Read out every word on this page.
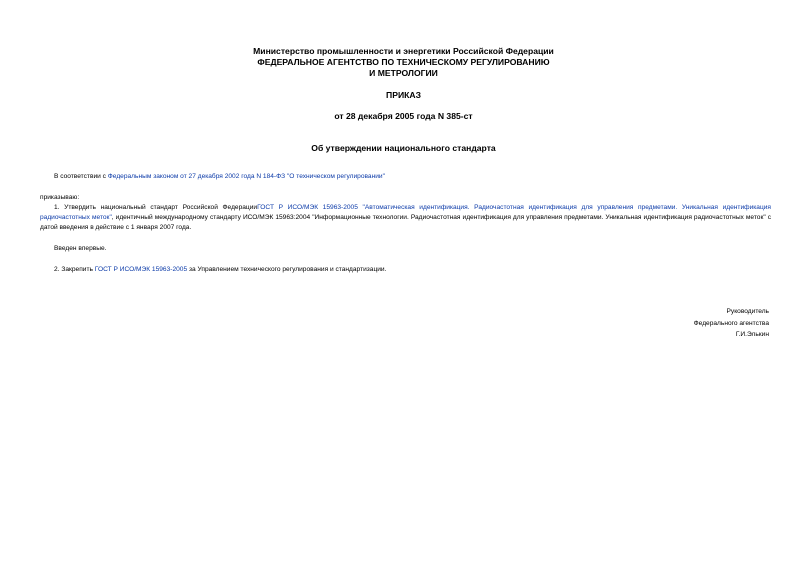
Министерство промышленности и энергетики Российской Федерации
ФЕДЕРАЛЬНОЕ АГЕНТСТВО ПО ТЕХНИЧЕСКОМУ РЕГУЛИРОВАНИЮ
И МЕТРОЛОГИИ
ПРИКАЗ
от 28 декабря 2005 года N 385-ст
Об утверждении национального стандарта
В соответствии с Федеральным законом от 27 декабря 2002 года N 184-ФЗ "О техническом регулировании"
приказываю:
1. Утвердить национальный стандарт Российской ФедерацииГОСТ Р ИСО/МЭК 15963-2005 "Автоматическая идентификация. Радиочастотная идентификация для управления предметами. Уникальная идентификация радиочастотных меток", идентичный международному стандарту ИСО/МЭК 15963:2004 "Информационные технологии. Радиочастотная идентификация для управления предметами. Уникальная идентификация радиочастотных меток" с датой введения в действие с 1 января 2007 года.
Введен впервые.
2. Закрепить ГОСТ Р ИСО/МЭК 15963-2005 за Управлением технического регулирования и стандартизации.
Руководитель
Федерального агентства
Г.И.Элькин
